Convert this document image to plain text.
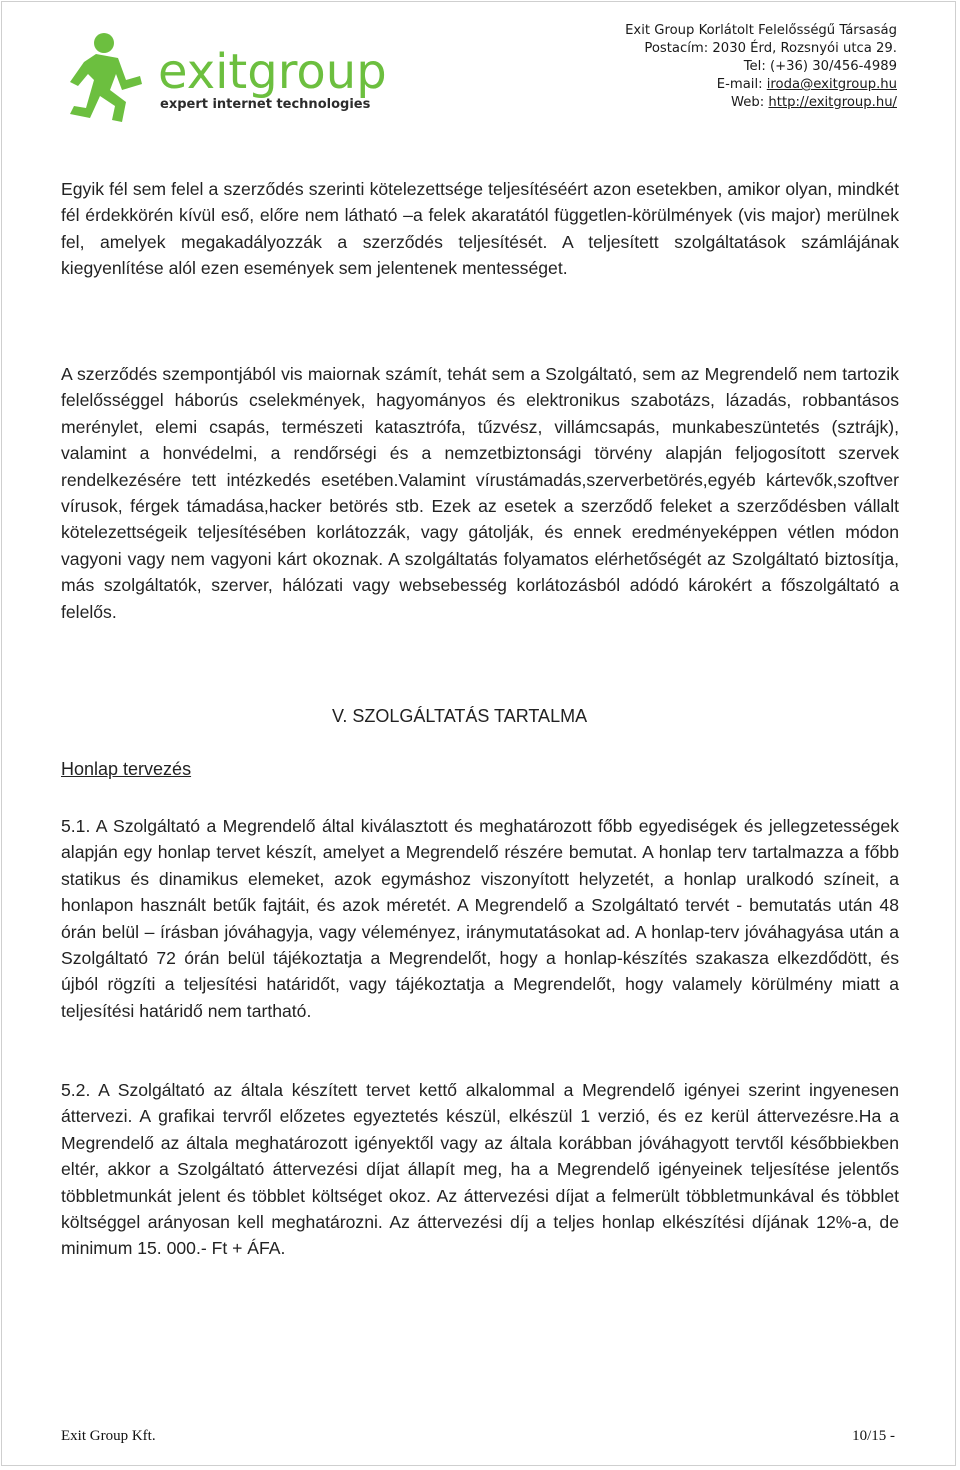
exitgroup
expert internet technologies
Exit Group Korlátolt Felelősségű Társaság
Postacím: 2030 Érd, Rozsnyói utca 29.
Tel: (+36) 30/456-4989
E-mail: iroda@exitgroup.hu
Web: http://exitgroup.hu/

Egyik fél sem felel a szerződés szerinti kötelezettsége teljesítéséért azon esetekben, amikor olyan, mindkét fél érdekkörén kívül eső, előre nem látható –a felek akaratától független-körülmények (vis major) merülnek fel, amelyek megakadályozzák a szerződés teljesítését. A teljesített szolgáltatások számlájának kiegyenlítése alól ezen események sem jelentenek mentességet.

A szerződés szempontjából vis maiornak számít, tehát sem a Szolgáltató, sem az Megrendelő nem tartozik felelősséggel háborús cselekmények, hagyományos és elektronikus szabotázs, lázadás, robbantásos merénylet, elemi csapás, természeti katasztrófa, tűzvész, villámcsapás, munkabeszüntetés (sztrájk), valamint a honvédelmi, a rendőrségi és a nemzetbiztonsági törvény alapján feljogosított szervek rendelkezésére tett intézkedés esetében.Valamint vírustámadás,szerverbetörés,egyéb kártevők,szoftver vírusok, férgek támadása,hacker betörés stb. Ezek az esetek a szerződő feleket a szerződésben vállalt kötelezettségeik teljesítésében korlátozzák, vagy gátolják, és ennek eredményeképpen vétlen módon vagyoni vagy nem vagyoni kárt okoznak. A szolgáltatás folyamatos elérhetőségét az Szolgáltató biztosítja, más szolgáltatók, szerver, hálózati vagy websebesség korlátozásból adódó károkért a főszolgáltató a felelős.

V. SZOLGÁLTATÁS TARTALMA
Honlap tervezés

5.1. A Szolgáltató a Megrendelő által kiválasztott és meghatározott főbb egyediségek és jellegzetességek alapján egy honlap tervet készít, amelyet a Megrendelő részére bemutat. A honlap terv tartalmazza a főbb statikus és dinamikus elemeket, azok egymáshoz viszonyított helyzetét, a honlap uralkodó színeit, a honlapon használt betűk fajtáit, és azok méretét. A Megrendelő a Szolgáltató tervét - bemutatás után 48 órán belül – írásban jóváhagyja, vagy véleményez, iránymutatásokat ad. A honlap-terv jóváhagyása után a Szolgáltató 72 órán belül tájékoztatja a Megrendelőt, hogy a honlap-készítés szakasza elkezdődött, és újból rögzíti a teljesítési határidőt, vagy tájékoztatja a Megrendelőt, hogy valamely körülmény miatt a teljesítési határidő nem tartható.

5.2. A Szolgáltató az általa készített tervet kettő alkalommal a Megrendelő igényei szerint ingyenesen áttervezi. A grafikai tervről előzetes egyeztetés készül, elkészül 1 verzió, és ez kerül áttervezésre.Ha a Megrendelő az általa meghatározott igényektől vagy az általa korábban jóváhagyott tervtől későbbiekben eltér, akkor a Szolgáltató áttervezési díjat állapít meg, ha a Megrendelő igényeinek teljesítése jelentős többletmunkát jelent és többlet költséget okoz. Az áttervezési díjat a felmerült többletmunkával és többlet költséggel arányosan kell meghatározni. Az áttervezési díj a teljes honlap elkészítési díjának 12%-a, de minimum 15. 000.- Ft + ÁFA.

Exit Group Kft.	10/15 -
